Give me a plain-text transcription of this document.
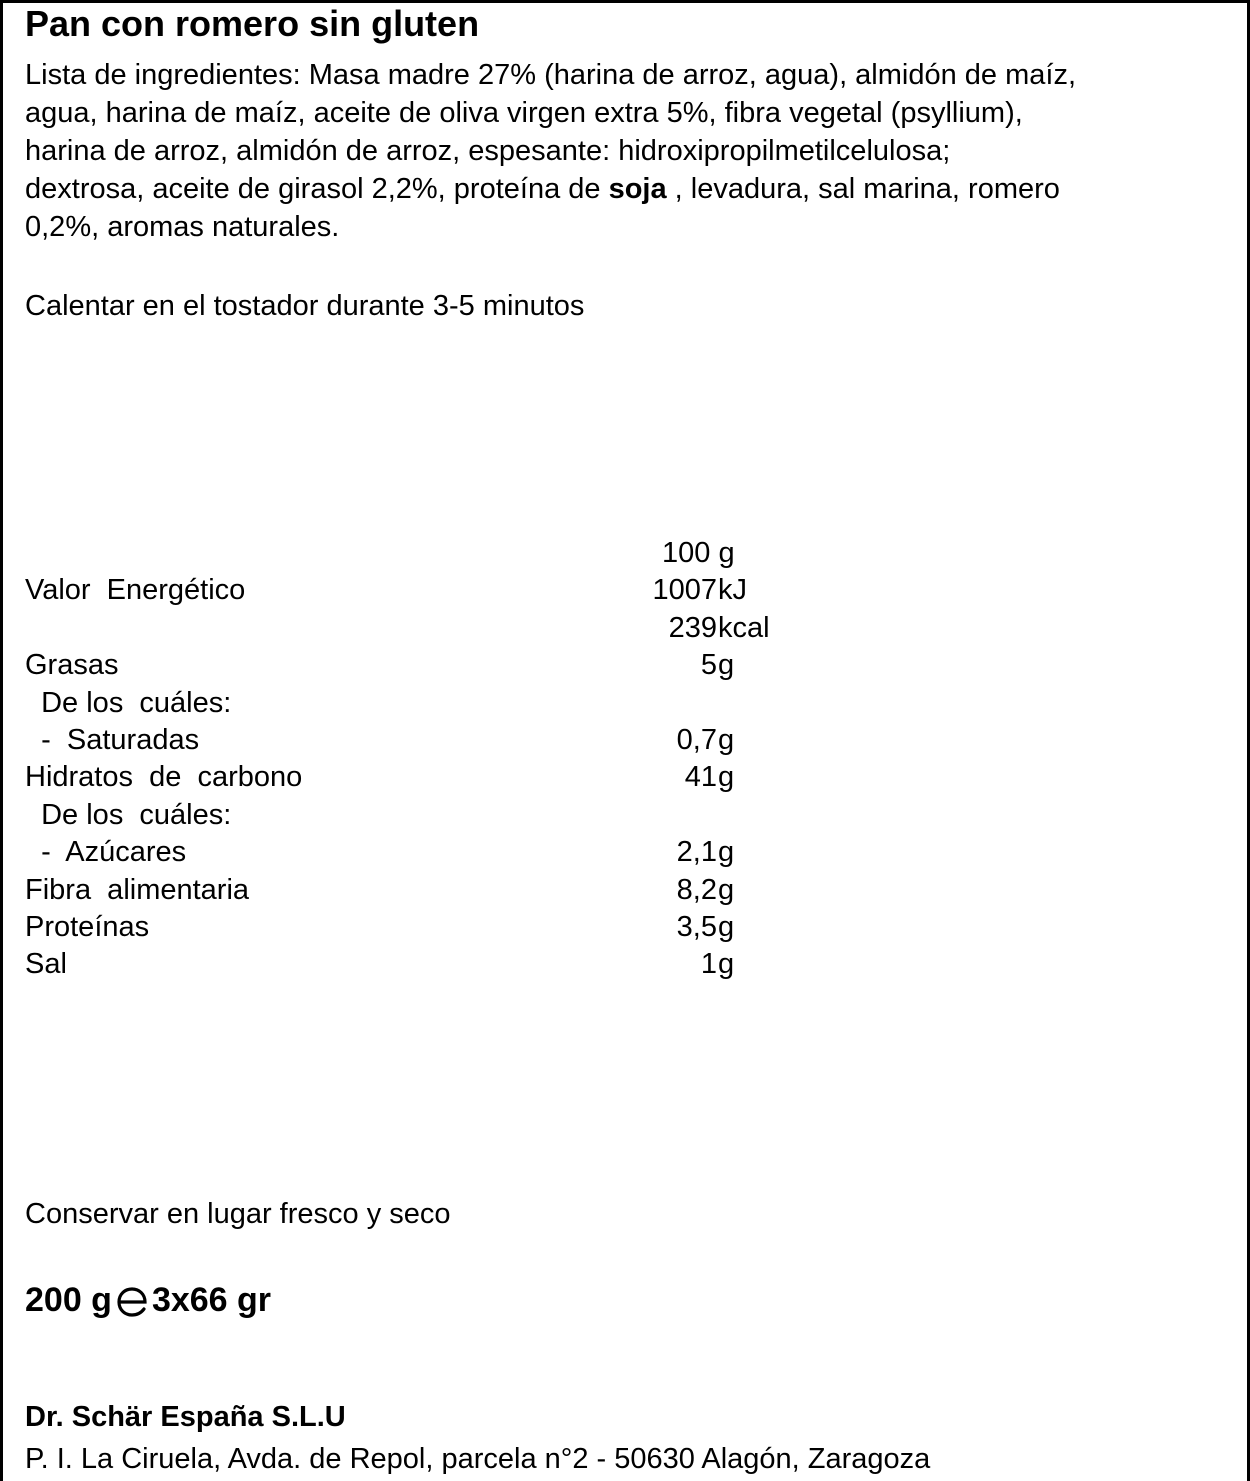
Pan con romero sin gluten
Lista de ingredientes: Masa madre 27% (harina de arroz, agua), almidón de maíz,
agua, harina de maíz, aceite de oliva virgen extra 5%, fibra vegetal (psyllium),
harina de arroz, almidón de arroz, espesante: hidroxipropilmetilcelulosa;
dextrosa, aceite de girasol 2,2%, proteína de soja , levadura, sal marina, romero
0,2%, aromas naturales.
Calentar en el tostador durante 3-5 minutos
100 g
Valor  Energético	1007 kJ
239 kcal
Grasas	5 g
De los  cuáles:
-  Saturadas	0,7 g
Hidratos  de  carbono	41 g
De los  cuáles:
-  Azúcares	2,1 g
Fibra  alimentaria	8,2 g
Proteínas	3,5 g
Sal	1 g
Conservar en lugar fresco y seco
200 g 3x66 gr
Dr. Schär España S.L.U
P. I. La Ciruela, Avda. de Repol, parcela n°2 - 50630 Alagón, Zaragoza
